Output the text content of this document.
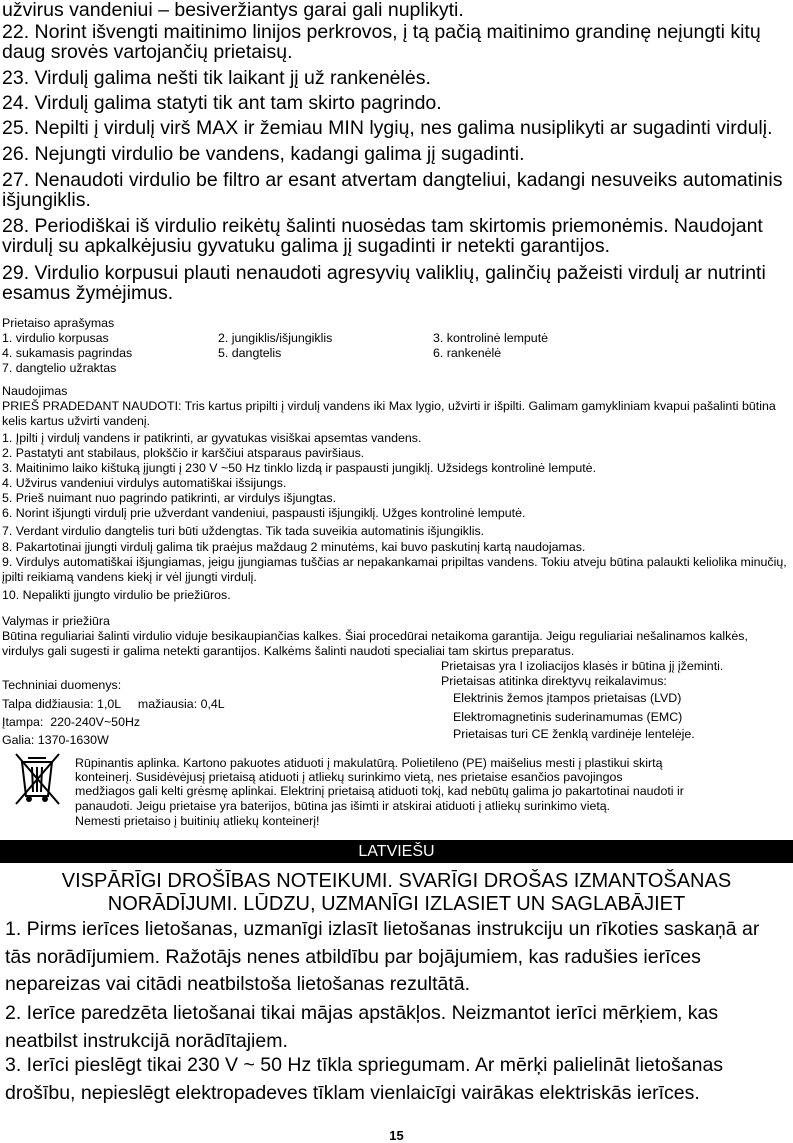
užvirus vandeniui – besiveržiantys garai gali nuplikyti.
22. Norint išvengti maitinimo linijos perkrovos, į tą pačią maitinimo grandinę neįungti kitų daug srovės vartojančių prietaisų.
23. Virdulį galima nešti tik laikant jį už rankenėlės.
24. Virdulį galima statyti tik ant tam skirto pagrindo.
25. Nepilti į virdulį virš MAX ir žemiau MIN lygių, nes galima nusiplikyti ar sugadinti virdulį.
26. Nejungti virdulio be vandens, kadangi galima jį sugadinti.
27. Nenaudoti virdulio be filtro ar esant atvertam dangteliui, kadangi nesuveiks automatinis išjungiklis.
28. Periodiškai iš virdulio reikėtų šalinti nuosėdas tam skirtomis priemonėmis. Naudojant virdulį su apkalkėjusiu gyvatuku galima jį sugadinti ir netekti garantijos.
29. Virdulio korpusui plauti nenaudoti agresyvių valiklių, galinčių pažeisti virdulį ar nutrinti esamus žymėjimus.
Prietaiso aprašymas
1. virdulio korpusas	2. jungiklis/išjungiklis	3. kontrolinė lemputė
4. sukamasis pagrindas	5. dangtelis	6. rankenėlė
7. dangtelio užraktas
Naudojimas
PRIEŠ PRADEDANT NAUDOTI: Tris kartus pripilti į virdulį vandens iki Max lygio, užvirti ir išpilti. Galimam gamykliniam kvapui pašalinti būtina kelis kartus užvirti vandenį.
1. Įpilti į virdulį vandens ir patikrinti, ar gyvatukas visiškai apsemtas vandens.
2. Pastatyti ant stabilaus, plokščio ir karščiui atsparaus paviršiaus.
3. Maitinimo laiko kištuką įjungti į 230 V ~50 Hz tinklo lizdą ir paspausti jungiklį. Užsidegs kontrolinė lemputė.
4. Užvirus vandeniui virdulys automatiškai išsijungs.
5. Prieš nuimant nuo pagrindo patikrinti, ar virdulys išjungtas.
6. Norint išjungti virdulį prie užverdant vandeniui, paspausti išjungiklį. Užges kontrolinė lemputė.
7. Verdant virdulio dangtelis turi būti uždengtas. Tik tada suveikia automatinis išjungiklis.
8. Pakartotinai įjungti virdulį galima tik praėjus maždaug 2 minutėms, kai buvo paskutinį kartą naudojamas.
9. Virdulys automatiškai išjungiamas, jeigu įjungiamas tuščias ar nepakankamai pripiltas vandens. Tokiu atveju būtina palaukti keliolika minučių, įpilti reikiamą vandens kiekį ir vėl įjungti virdulį.
10. Nepalikti įjungto virdulio be priežiūros.
Valymas ir priežiūra
Būtina reguliariai šalinti virdulio viduje besikaupiančias kalkes. Šiai procedūrai netaikoma garantija. Jeigu reguliariai nešalinamos kalkės, virdulys gali sugesti ir galima netekti garantijos. Kalkėms šalinti naudoti specialiai tam skirtus preparatus.
Prietaisas yra I izoliacijos klasės ir būtina jį įžeminti.
Prietaisas atitinka direktyvų reikalavimus:
Elektrinis žemos įtampos prietaisas (LVD)
Elektromagnetinis suderinamumas (EMC)
Prietaisas turi CE ženklą vardinėje lentelėje.
Techniniai duomenys:
Talpa didžiausia: 1,0L     mažiausia: 0,4L
Įtampa:  220-240V~50Hz
Galia: 1370-1630W
Rūpinantis aplinka. Kartono pakuotes atiduoti į makulatūrą. Polietileno (PE) maišelius mesti į plastikui skirtą
konteinerį. Susidėvėjusį prietaisą atiduoti į atliekų surinkimo vietą, nes prietaise esančios pavojingos
medžiagos gali kelti grėsmę aplinkai. Elektrinį prietaisą atiduoti tokį, kad nebūtų galima jo pakartotinai naudoti ir
panaudoti. Jeigu prietaise yra baterijos, būtina jas išimti ir atskirai atiduoti į atliekų surinkimo vietą.
Nemesti prietaiso į buitinių atliekų konteinerį!
LATVIEŠU
VISPĀRĪGI DROŠĪBAS NOTEIKUMI. SVARĪGI DROŠAS IZMANTOŠANAS
NORĀDĪJUMI. LŪDZU, UZMANĪGI IZLASIET UN SAGLABĀJIET
1. Pirms ierīces lietošanas, uzmanīgi izlasīt lietošanas instrukciju un rīkoties saskaņā ar tās norādījumiem. Ražotājs nenes atbildību par bojājumiem, kas radušies ierīces nepareizas vai citādi neatbilstoša lietošanas rezultātā.
2. Ierīce paredzēta lietošanai tikai mājas apstākļos. Neizmantot ierīci mērķiem, kas neatbilst instrukcijā norādītajiem.
3. Ierīci pieslēgt tikai 230 V ~ 50 Hz tīkla spriegumam. Ar mērķi palielināt lietošanas drošību, nepieslēgt elektropadeves tīklam vienlaicīgi vairākas elektriskās ierīces.
15
